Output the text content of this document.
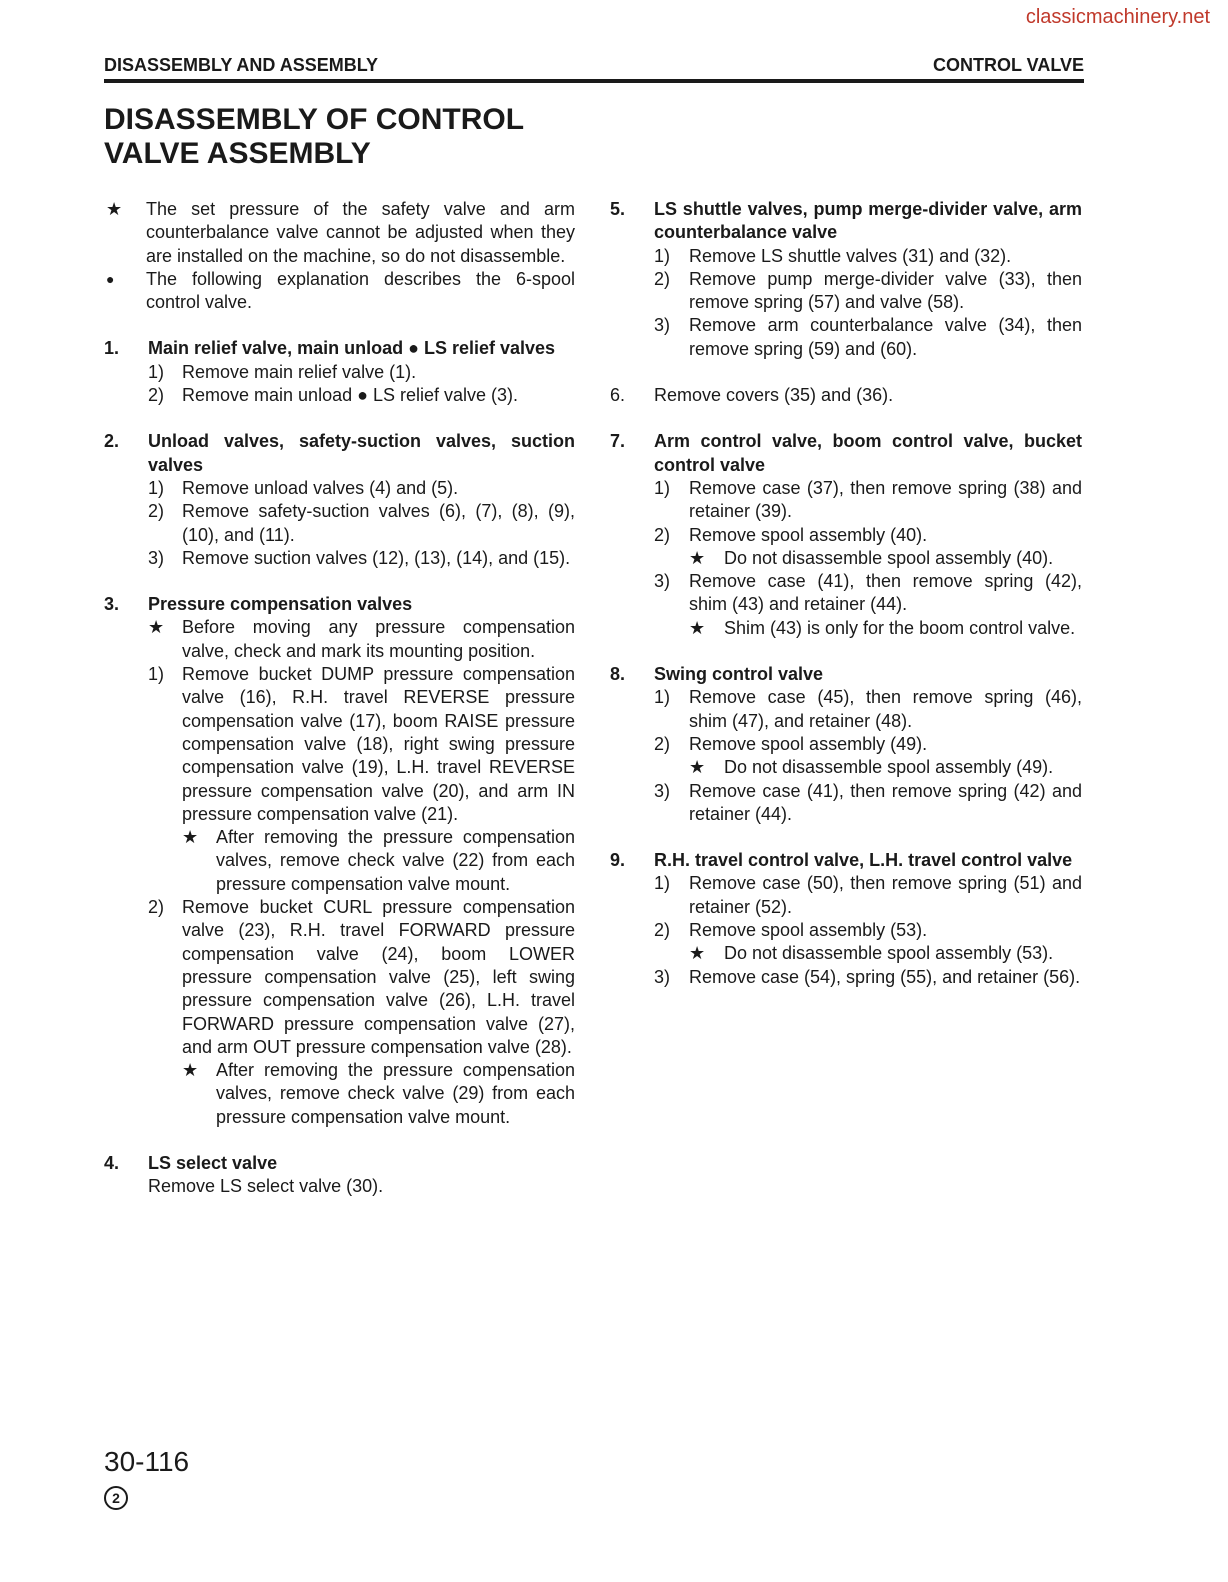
classicmachinery.net
DISASSEMBLY AND ASSEMBLY	CONTROL VALVE
DISASSEMBLY OF CONTROL
VALVE ASSEMBLY
★ The set pressure of the safety valve and arm counterbalance valve cannot be adjusted when they are installed on the machine, so do not disassemble.
● The following explanation describes the 6-spool control valve.
1. Main relief valve, main unload ● LS relief valves
1) Remove main relief valve (1).
2) Remove main unload ● LS relief valve (3).
2. Unload valves, safety-suction valves, suction valves
1) Remove unload valves (4) and (5).
2) Remove safety-suction valves (6), (7), (8), (9), (10), and (11).
3) Remove suction valves (12), (13), (14), and (15).
3. Pressure compensation valves
★ Before moving any pressure compensation valve, check and mark its mounting position.
1) Remove bucket DUMP pressure compensation valve (16), R.H. travel REVERSE pressure compensation valve (17), boom RAISE pressure compensation valve (18), right swing pressure compensation valve (19), L.H. travel REVERSE pressure compensation valve (20), and arm IN pressure compensation valve (21).
★ After removing the pressure compensation valves, remove check valve (22) from each pressure compensation valve mount.
2) Remove bucket CURL pressure compensation valve (23), R.H. travel FORWARD pressure compensation valve (24), boom LOWER pressure compensation valve (25), left swing pressure compensation valve (26), L.H. travel FORWARD pressure compensation valve (27), and arm OUT pressure compensation valve (28).
★ After removing the pressure compensation valves, remove check valve (29) from each pressure compensation valve mount.
4. LS select valve
Remove LS select valve (30).
5. LS shuttle valves, pump merge-divider valve, arm counterbalance valve
1) Remove LS shuttle valves (31) and (32).
2) Remove pump merge-divider valve (33), then remove spring (57) and valve (58).
3) Remove arm counterbalance valve (34), then remove spring (59) and (60).
6. Remove covers (35) and (36).
7. Arm control valve, boom control valve, bucket control valve
1) Remove case (37), then remove spring (38) and retainer (39).
2) Remove spool assembly (40).
★ Do not disassemble spool assembly (40).
3) Remove case (41), then remove spring (42), shim (43) and retainer (44).
★ Shim (43) is only for the boom control valve.
8. Swing control valve
1) Remove case (45), then remove spring (46), shim (47), and retainer (48).
2) Remove spool assembly (49).
★ Do not disassemble spool assembly (49).
3) Remove case (41), then remove spring (42) and retainer (44).
9. R.H. travel control valve, L.H. travel control valve
1) Remove case (50), then remove spring (51) and retainer (52).
2) Remove spool assembly (53).
★ Do not disassemble spool assembly (53).
3) Remove case (54), spring (55), and retainer (56).
30-116
2
